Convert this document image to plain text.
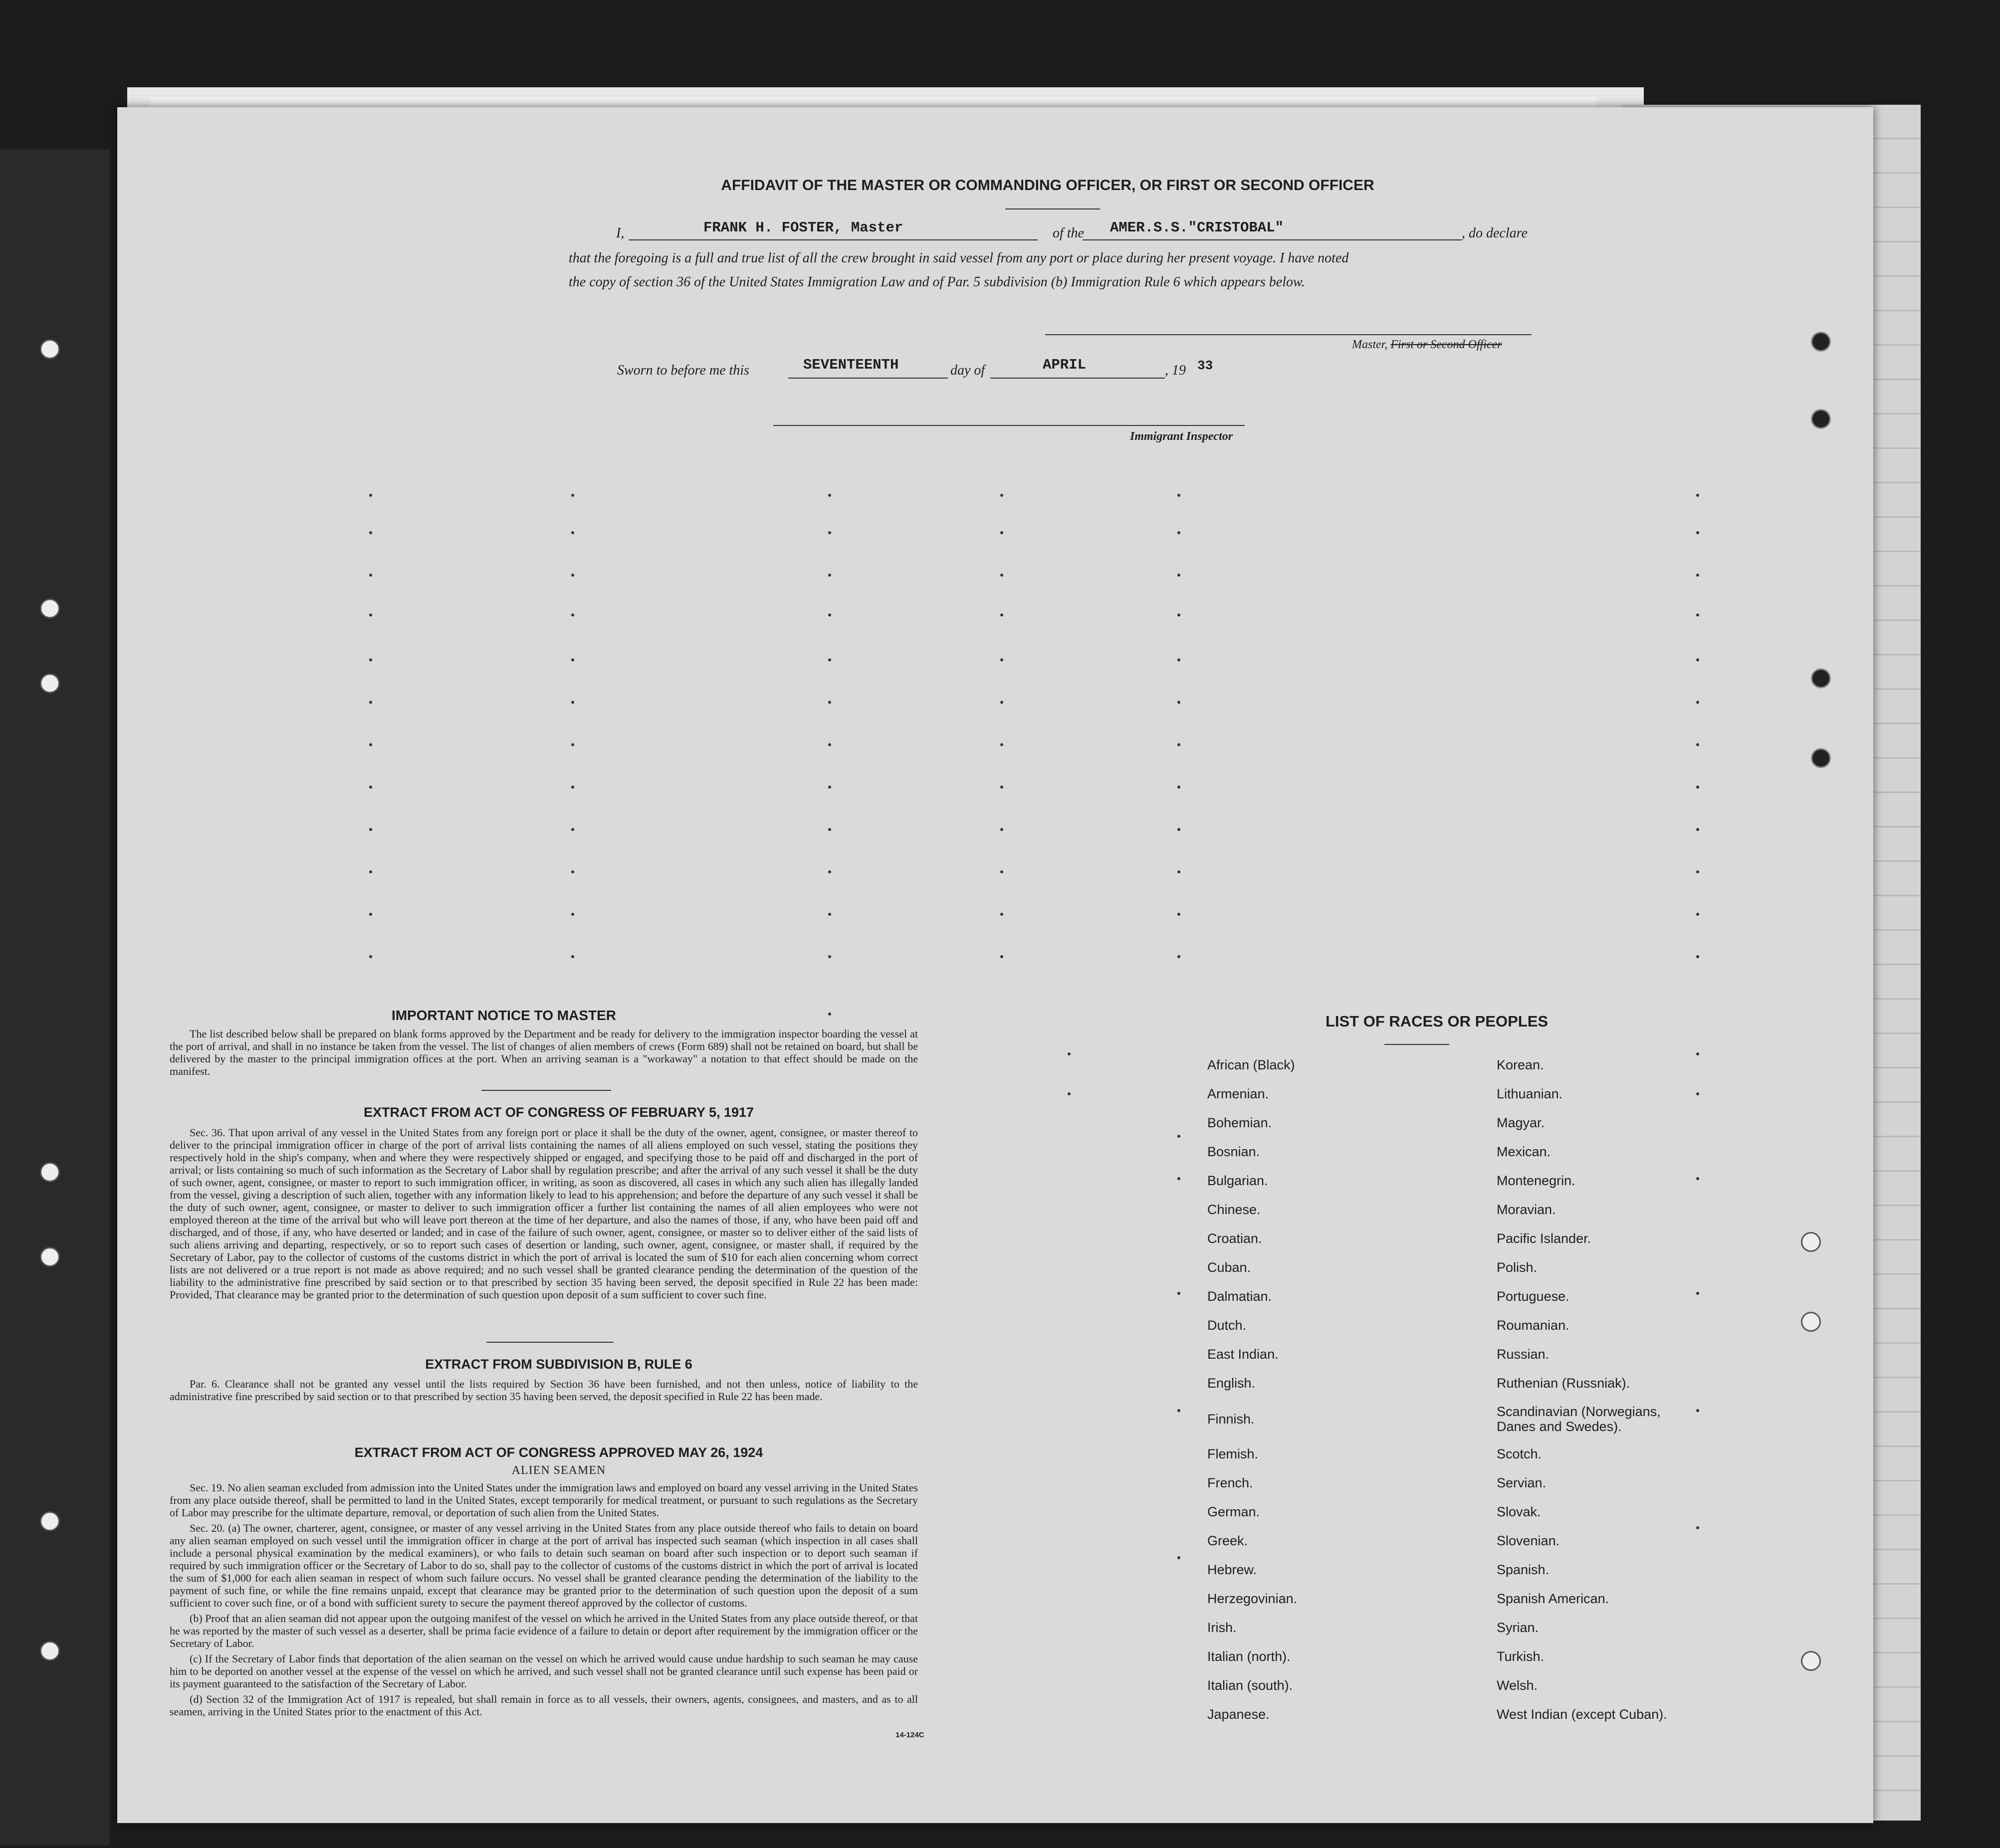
AFFIDAVIT OF THE MASTER OR COMMANDING OFFICER, OR FIRST OR SECOND OFFICER
I,	FRANK H. FOSTER, Master	of the AMER.S.S."CRISTOBAL"	, do declare
that the foregoing is a full and true list of all the crew brought in said vessel from any port or place during her present voyage. I have noted
the copy of section 36 of the United States Immigration Law and of Par. 5 subdivision (b) Immigration Rule 6 which appears below.
Master, First or Second Officer
Sworn to before me this	SEVENTEENTH	day of	APRIL	, 19 33
Immigrant Inspector
IMPORTANT NOTICE TO MASTER

The list described below shall be prepared on blank forms approved by the Department and be ready for delivery to the immigration inspector boarding the vessel at the port of arrival, and shall in no instance be taken from the vessel. The list of changes of alien members of crews (Form 689) shall not be retained on board, but shall be delivered by the master to the principal immigration offices at the port. When an arriving seaman is a "workaway" a notation to that effect should be made on the manifest.

EXTRACT FROM ACT OF CONGRESS OF FEBRUARY 5, 1917

Sec. 36. That upon arrival of any vessel in the United States from any foreign port or place it shall be the duty of the owner, agent, consignee, or master thereof to deliver to the principal immigration officer in charge of the port of arrival lists containing the names of all aliens employed on such vessel, stating the positions they respectively hold in the ship's company, when and where they were respectively shipped or engaged, and specifying those to be paid off and discharged in the port of arrival; or lists containing so much of such information as the Secretary of Labor shall by regulation prescribe; and after the arrival of any such vessel it shall be the duty of such owner, agent, consignee, or master to report to such immigration officer, in writing, as soon as discovered, all cases in which any such alien has illegally landed from the vessel, giving a description of such alien, together with any information likely to lead to his apprehension; and before the departure of any such vessel it shall be the duty of such owner, agent, consignee, or master to deliver to such immigration officer a further list containing the names of all alien employees who were not employed thereon at the time of the arrival but who will leave port thereon at the time of her departure, and also the names of those, if any, who have been paid off and discharged, and of those, if any, who have deserted or landed; and in case of the failure of such owner, agent, consignee, or master so to deliver either of the said lists of such aliens arriving and departing, respectively, or so to report such cases of desertion or landing, such owner, agent, consignee, or master shall, if required by the Secretary of Labor, pay to the collector of customs of the customs district in which the port of arrival is located the sum of $10 for each alien concerning whom correct lists are not delivered or a true report is not made as above required; and no such vessel shall be granted clearance pending the determination of the question of the liability to the administrative fine prescribed by said section or to that prescribed by section 35 having been served, the deposit specified in Rule 22 has been made: Provided, That clearance may be granted prior to the determination of such question upon deposit of a sum sufficient to cover such fine.

EXTRACT FROM SUBDIVISION B, RULE 6

Par. 6. Clearance shall not be granted any vessel until the lists required by Section 36 have been furnished, and not then unless, notice of liability to the administrative fine prescribed by said section or to that prescribed by section 35 having been served, the deposit specified in Rule 22 has been made.

EXTRACT FROM ACT OF CONGRESS APPROVED MAY 26, 1924
ALIEN SEAMEN

Sec. 19. No alien seaman excluded from admission into the United States under the immigration laws and employed on board any vessel arriving in the United States from any place outside thereof, shall be permitted to land in the United States, except temporarily for medical treatment, or pursuant to such regulations as the Secretary of Labor may prescribe for the ultimate departure, removal, or deportation of such alien from the United States.

Sec. 20. (a) The owner, charterer, agent, consignee, or master of any vessel arriving in the United States from any place outside thereof who fails to detain on board any alien seaman employed on such vessel until the immigration officer in charge at the port of arrival has inspected such seaman (which inspection in all cases shall include a personal physical examination by the medical examiners), or who fails to detain such seaman on board after such inspection or to deport such seaman if required by such immigration officer or the Secretary of Labor to do so, shall pay to the collector of customs of the customs district in which the port of arrival is located the sum of $1,000 for each alien seaman in respect of whom such failure occurs. No vessel shall be granted clearance pending the determination of the liability to the payment of such fine, or while the fine remains unpaid, except that clearance may be granted prior to the determination of such question upon the deposit of a sum sufficient to cover such fine, or of a bond with sufficient surety to secure the payment thereof approved by the collector of customs.

(b) Proof that an alien seaman did not appear upon the outgoing manifest of the vessel on which he arrived in the United States from any place outside thereof, or that he was reported by the master of such vessel as a deserter, shall be prima facie evidence of a failure to detain or deport after requirement by the immigration officer or the Secretary of Labor.

(c) If the Secretary of Labor finds that deportation of the alien seaman on the vessel on which he arrived would cause undue hardship to such seaman he may cause him to be deported on another vessel at the expense of the vessel on which he arrived, and such vessel shall not be granted clearance until such expense has been paid or its payment guaranteed to the satisfaction of the Secretary of Labor.

(d) Section 32 of the Immigration Act of 1917 is repealed, but shall remain in force as to all vessels, their owners, agents, consignees, and masters, and as to all seamen, arriving in the United States prior to the enactment of this Act.

14-124C
LIST OF RACES OR PEOPLES
African (Black)
Armenian.
Bohemian.
Bosnian.
Bulgarian.
Chinese.
Croatian.
Cuban.
Dalmatian.
Dutch.
East Indian.
English.
Finnish.
Flemish.
French.
German.
Greek.
Hebrew.
Herzegovinian.
Irish.
Italian (north).
Italian (south).
Japanese.
Korean.
Lithuanian.
Magyar.
Mexican.
Montenegrin.
Moravian.
Pacific Islander.
Polish.
Portuguese.
Roumanian.
Russian.
Ruthenian (Russniak).
Scandinavian (Norwegians, Danes and Swedes).
Scotch.
Servian.
Slovak.
Slovenian.
Spanish.
Spanish American.
Syrian.
Turkish.
Welsh.
West Indian (except Cuban).
